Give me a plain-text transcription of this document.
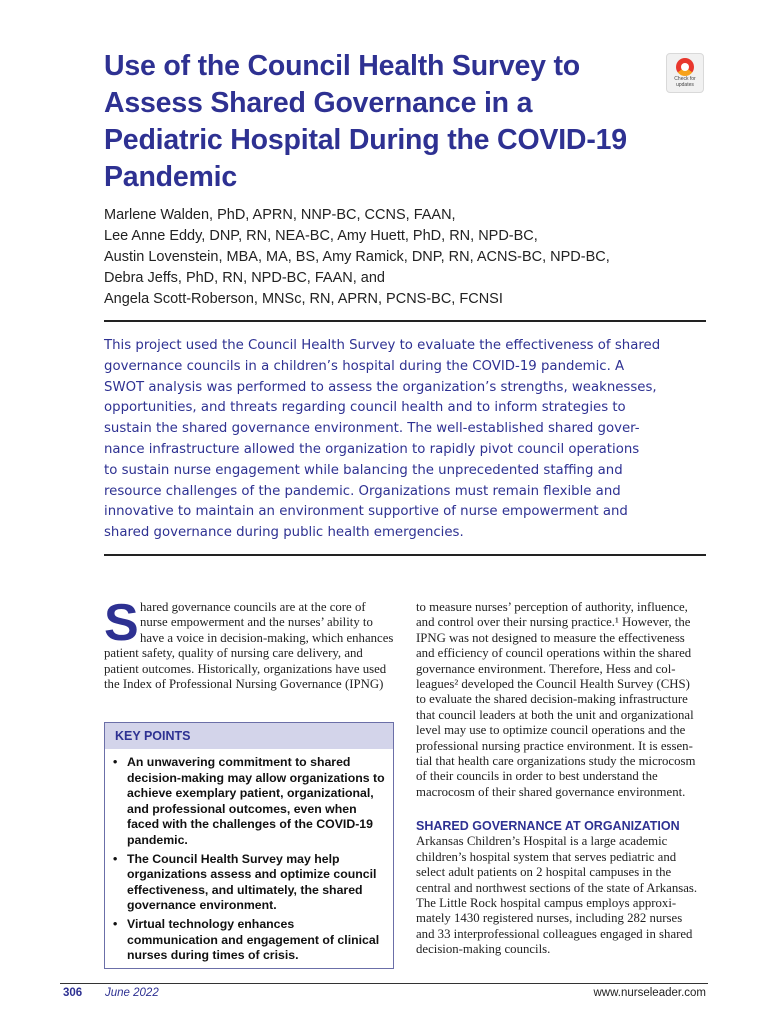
Use of the Council Health Survey to
Assess Shared Governance in a
Pediatric Hospital During the COVID-19
Pandemic
Check for updates
Marlene Walden, PhD, APRN, NNP-BC, CCNS, FAAN,
Lee Anne Eddy, DNP, RN, NEA-BC, Amy Huett, PhD, RN, NPD-BC,
Austin Lovenstein, MBA, MA, BS, Amy Ramick, DNP, RN, ACNS-BC, NPD-BC,
Debra Jeffs, PhD, RN, NPD-BC, FAAN, and
Angela Scott-Roberson, MNSc, RN, APRN, PCNS-BC, FCNSI
This project used the Council Health Survey to evaluate the effectiveness of shared
governance councils in a children’s hospital during the COVID-19 pandemic. A
SWOT analysis was performed to assess the organization’s strengths, weaknesses,
opportunities, and threats regarding council health and to inform strategies to
sustain the shared governance environment. The well-established shared gover-
nance infrastructure allowed the organization to rapidly pivot council operations
to sustain nurse engagement while balancing the unprecedented staffing and
resource challenges of the pandemic. Organizations must remain flexible and
innovative to maintain an environment supportive of nurse empowerment and
shared governance during public health emergencies.
S hared governance councils are at the core of
nurse empowerment and the nurses’ ability to
have a voice in decision-making, which enhances
patient safety, quality of nursing care delivery, and
patient outcomes. Historically, organizations have used
the Index of Professional Nursing Governance (IPNG)
KEY POINTS
• An unwavering commitment to shared
decision-making may allow organizations to
achieve exemplary patient, organizational,
and professional outcomes, even when
faced with the challenges of the COVID-19
pandemic.
• The Council Health Survey may help
organizations assess and optimize council
effectiveness, and ultimately, the shared
governance environment.
• Virtual technology enhances
communication and engagement of clinical
nurses during times of crisis.
to measure nurses’ perception of authority, influence,
and control over their nursing practice.¹ However, the
IPNG was not designed to measure the effectiveness
and efficiency of council operations within the shared
governance environment. Therefore, Hess and col-
leagues² developed the Council Health Survey (CHS)
to evaluate the shared decision-making infrastructure
that council leaders at both the unit and organizational
level may use to optimize council operations and the
professional nursing practice environment. It is essen-
tial that health care organizations study the microcosm
of their councils in order to best understand the
macrocosm of their shared governance environment.
SHARED GOVERNANCE AT ORGANIZATION
Arkansas Children’s Hospital is a large academic
children’s hospital system that serves pediatric and
select adult patients on 2 hospital campuses in the
central and northwest sections of the state of Arkansas.
The Little Rock hospital campus employs approxi-
mately 1430 registered nurses, including 282 nurses
and 33 interprofessional colleagues engaged in shared
decision-making councils.
306 June 2022	www.nurseleader.com
